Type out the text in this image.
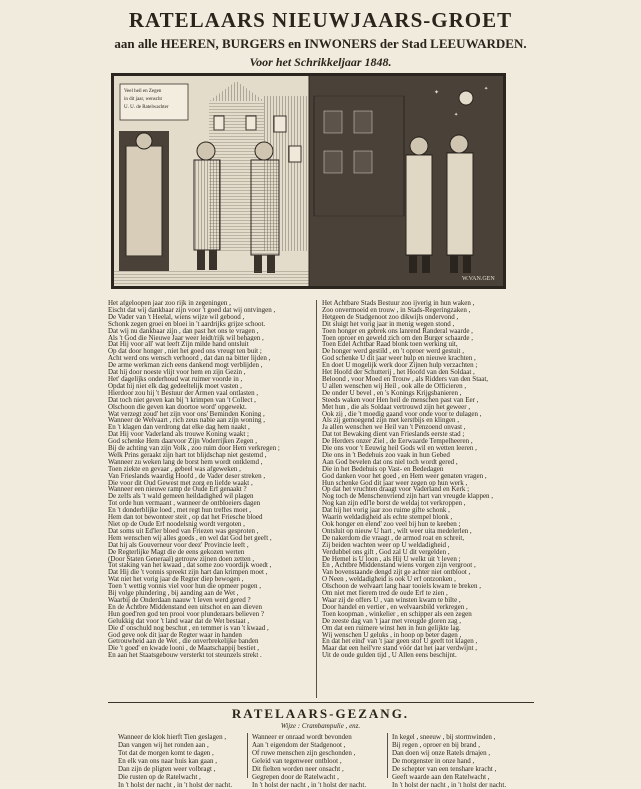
RATELAARS NIEUWJAARS-GROET
aan alle HEEREN, BURGERS en INWONERS der Stad LEEUWARDEN.
Voor het Schrikkeljaar 1848.
Veel heil en Zegen
in dit jaar, wenscht
U. U. de Ratelwachter
✦
✦
✦
W.VAN.GEN
Het afgeloopen jaar zoo rijk in zegeningen ,
Eischt dat wij dankbaar zijn voor 't goed dat wij ontvingen ,
De Vader van 't Heelal, wiens wijze wil gebood ,
Schonk zegen groei en bloei in 't aardrijks grijze schoot.
Dat wij nu dankbaar zijn , dan past het ons te vragen ,
Als 't God die Nieuwe Jaar weer leidt/rijk wil behagen ,
Dat Hij voor all' wat leeft Zijn milde hand ontsluit
Op dat door honger , niet het goed ons vreugt ten buit ;
Acht werd ons wensch verhoord , dat dan na bitter lijden ,
De arme werkman zich eens dankend mogt verblijden ,
Dat hij door noeste vlijt voor hem en zijn Gezin ,
Het' dagelijks onderhoud wat ruimer voorde in ,
Opdat hij niet elk dag gedeeltelijk moet vasten ,
Hierdoor zou hij 't Bestuur der Armen vaal ontlasten ,
Dat toch niet geven kan bij 't krimpen van 't Collect ,
Olschoon die geven kan doortoe word' opgewekt.
Wat verzegt zoud' het zijn voor ons' Beminden Koning ,
Wanneer de Welvaart , rich zeus nabie aan zijn woning ,
En 't klagen dan verdrong dat elke dag hem naakt ,
Dat Hij voor Vaderland als trouwe Koning waakt ;
God schenke Hem daarvoor Zijn Voderrijken Zegen ,
Bij de achting van zijn Volk , zoo ruim door Hem verkregen ;
Welk Prins geraakt zijn hart tot blijdschap niet gestemd ,
Wanneer zu weken lang de borst hem wordt ontklemd ,
Toen ziekte en gevaar , gebeel was afgeweken ,
Van Frieslands waardig Hoofd , de Vader deser streken ,
Die voor dit Oud Gewest met zorg en liefde waakt ,
Wanneer een nieuwe ramp de Oude Erf genaakt ?
De zelfs als 't wald gemeen heildadighed wil plagen
Tot orde hun vermaant , wanneer de ontbloeiers dagen
En 't donderblijke loed , met regt hun treffes moet ,
Hem dan tot bewonteer steit , op dat het Friesche bloed
Niet op de Oude Erf noodelsnig wordt vergoten ,
Dat soms uit Ed'ler bloed van Friezen was gesproten ,
Hem wenschen wij alles goeds , en wel dat God het geeft ,
Dat hij als Gouverneur voor deez' Provincie leeft ,
De Regterlijke Magt die de eens gekozen werten
(Door Staten Generaal) getrouw zijnen doen zetten ,
Tot staking van het kwaad , dat some zoo voordijk woedt ,
Dat Hij die 't vonnis spreekt zijn hart dan krimpen moet ,
Wat niet het vorig jaar de Regter diep bewogen ,
Toen 't wettig vonnis viel voor hun die opmeer pogen ,
Bij volge plundering , bij aanding aan de Wet ,
Waarbij de Onderdaan naauw 't leven werd gered ?
En de Achtbre Middenstand een uitschot en aan dieven
Hun goed'ren god ten prooi voor plunderaars believen ?
Gelukkig dat voor 't land waar dat de Wet bestaat ,
Die d' onschuld nog beschut , en temmer is van 't kwaad ,
God geve ook dit jaar de Regter waar in handen
Getrouwheid aan de Wet , die onverbrekelijke banden
Die 't goed' en kwade looni , de Maatschappij bestiet ,
En aan het Staatsgebouw versterkt tot steunzels strekt .
Het Achtbare Stads Bestuur zoo ijverig in hun waken ,
Zoo onvermoeid en trouw , in Stads-Regeringzaken ,
Hetgeen de Stadgenoot zoo dikwijls ondervond ,
Dit sluigt het vorig jaar in menig wegen stond ,
Toen honger en gebrek ons lanrend Randeral waarde ,
Toen oproer en geweld zich om den Burger schaarde ,
Toen Edel Achtbar Raad blonk toen werking uit,
De honger werd gestild , en 't oproer werd gestuit ,
God schenke U dit jaar weer hulp en nieuwe krachten ,
En doet U mogelijk werk door Zijnen hulp verzachten ;
Het Hoofd der Schutterij , het Hoofd van den Soldaat ,
Beloond , voor Moed en Trouw , als Ridders van den Staat,
U allen wenschen wij Heil , ook alle de Officieren ,
De onder U bevel , en 's Konings Krijgsbanieren ,
Steeds waken voor Hen heil de menschen past van Eer ,
Met hun , die als Soldaat vertrouwd zijn het geweer ,
Ook zij , die 't moedig gaand voor onde voor te dulagen ,
Als zij gemoegend zijn met kerstbijs en klingen ,
Ja allen wenschen we Heil van 't Penzoend onvast ,
Dat tot Bewaking dient van Frieslands eerste stad ;
De Herders onzer Ziel , de Eerwaarde Tempelheeren ,
Die ons voor 't Eeuwig heil Gods wil en wetten leeren ,
Die ons in 't Bedehuis zoo vaak in hun Gebed
Aan God bevelen dat ons niel toch wordt gered ,
Die in het Bedehuis op Vast- en Bededagen
God danken voor het goed , en Hem weer genaten vragen ,
Hun schenke God dit jaar weer zegen op hun werk ,
Op dat het vruchten draagt voor Vaderland en Kerk ;
Nog toch de Menschenvriend zijn hart van vreugde klappen ,
Nog kan zijn edl'le borst de weldaj tot verkroppen ,
Dat hij het vorig jaar zoo ruime gifte schonk ,
Waarin weldadigheid als echte stempel blonk ,
Ook honger en elend' zoo veel bij hun te keeben ;
Ontsluit op nieuw U hart , wilt weer uita medelerlen ,
De nakerdom die vraagt , de armod roat en schreit,
Zij beiden wachten weer op U weldadigheid ,
Verdubbel ons gift , God zal U dit vergelden ,
De Hemel is U loon , als Hij U welkt uit 't leven ;
En , Achtbre Middenstand wiens vorgen zijn vergroot ,
Van bovenstaande dengd zijt ge achter niet ontbloot ,
O Neen , weldadigheid is ook U erf ontzonken ,
Olschoon de welvaart lang haar tooiels kwam te breken ,
Om niet met fierem tred de oude Erf te zien ,
Waar zij de offers U , van winsten kwam te bilte ,
Door handel en vertier , en welvaarsbild verkregen ,
Toen koopman , winkelier , en schipper als een zegen
De zeeste dag van 't jaar met vreugde gloren zag ,
Om dat een ruimere winst hen in hun gelijkte lag.
Wij wenschen U geluks , in hoop op beter dagen ,
En dat het eind' van 't jaar geen stof U geeft tot klagen ,
Maar dat een heil'vre stand vóór dat het jaar verdwijnt ,
Uit de oude gulden tijd , U Allen eens beschijnt.
RATELAARS-GEZANG.
Wijze : Crambampulie , enz.
Wanneer de klok hierft Tien geslagen ,
Dan vangen wij het ronden aan ,
Tot dat de morgen komt te dagen ,
En elk van ons naar huis kan gaan ,
Dan zijn de pligten weer volbragt ,
Die rusten op de Ratelwacht ,
In 't holst der nacht , in 't holst der nacht.
Wanneer er onraad wordt bevonden
Aan 't eigendom der Stadgenoot ,
Of ruwe menschen zijn geschonden ,
Geleid van tegenweer ontbloot ,
Dit fielten worden neer onsacht ,
Gegrepen door de Ratelwacht ,
In 't holst der nacht , in 't holst der nacht.
In kegel , sneeuw , bij stormwinden ,
Bij regen , oproer en bij brand ,
Dan doen wij onze Ratels drnajen ,
De morgenster in onze hand ,
De schepter van een tenshare kracht ,
Geeft waarde aan den Ratelwacht ,
In 't holst der nacht , in 't holst der nacht.
